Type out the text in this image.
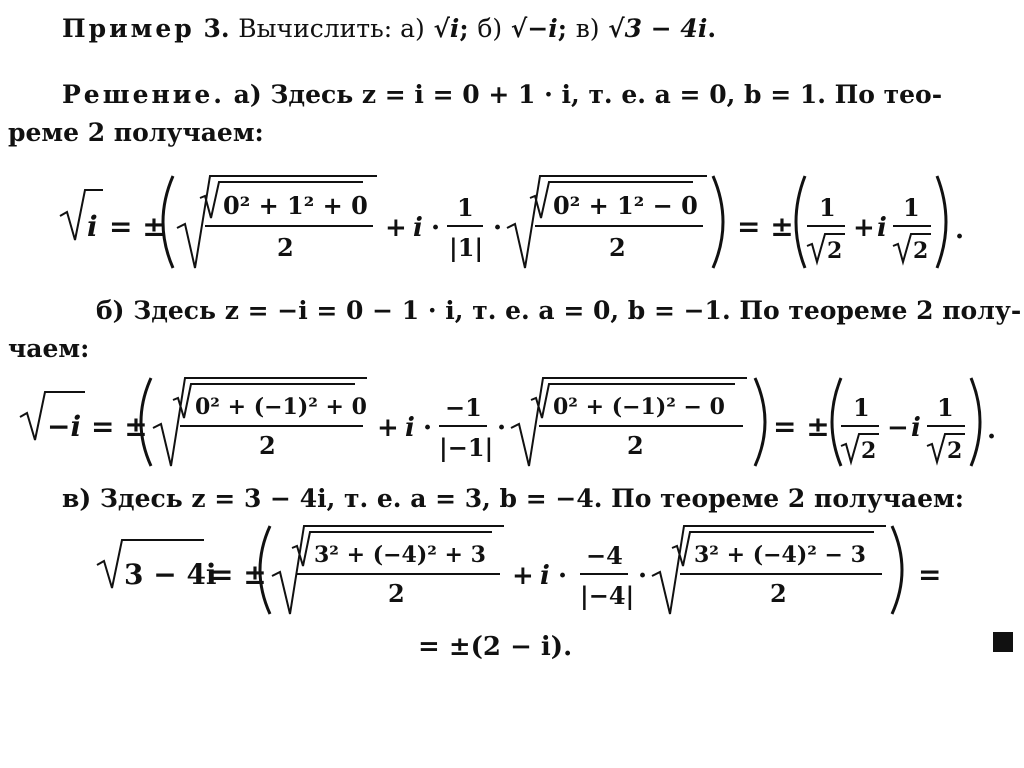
Пример 3. Вычислить: а) √i; б) √−i; в) √3 − 4i.
Решение. а) Здесь z = i = 0 + 1 · i, т. е. a = 0, b = 1. По тео-
реме 2 получаем:
i = ±
0² + 1² + 0
2
+ i ·
1
|1|
·
0² + 1² − 0
2
= ±
1
2
+ i
1
2
.
б) Здесь z = −i = 0 − 1 · i, т. е. a = 0, b = −1. По теореме 2 полу-
чаем:
−i = ±
0² + (−1)² + 0
2
+ i ·
−1
|−1|
·
0² + (−1)² − 0
2
= ±
1
2
− i
1
2
.
в) Здесь z = 3 − 4i, т. е. a = 3, b = −4. По теореме 2 получаем:
3 − 4i
= ±
3² + (−4)² + 3
2
+ i ·
−4
|−4|
·
3² + (−4)² − 3
2
=
= ±(2 − i).
